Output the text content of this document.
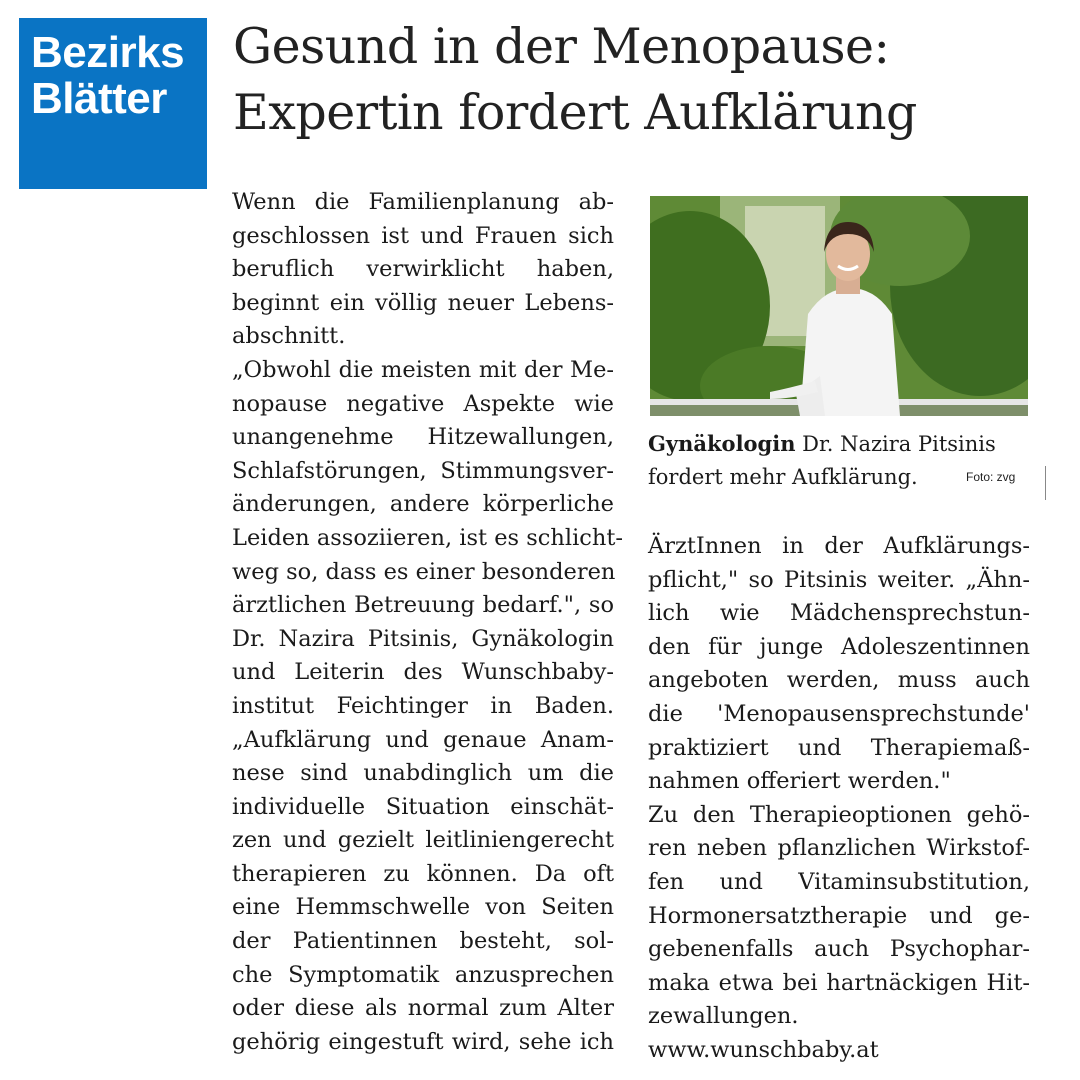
Bezirks
Blätter
Gesund in der Menopause:
Expertin fordert Aufklärung
Wenn die Familienplanung ab-
geschlossen ist und Frauen sich
beruflich verwirklicht haben,
beginnt ein völlig neuer Lebens-
abschnitt.
„Obwohl die meisten mit der Me-
nopause negative Aspekte wie
unangenehme Hitzewallungen,
Schlafstörungen, Stimmungsver-
änderungen, andere körperliche
Leiden assoziieren, ist es schlicht-
weg so, dass es einer besonderen
ärztlichen Betreuung bedarf.", so
Dr. Nazira Pitsinis, Gynäkologin
und Leiterin des Wunschbaby-
institut Feichtinger in Baden.
„Aufklärung und genaue Anam-
nese sind unabdinglich um die
individuelle Situation einschät-
zen und gezielt leitliniengerecht
therapieren zu können. Da oft
eine Hemmschwelle von Seiten
der Patientinnen besteht, sol-
che Symptomatik anzusprechen
oder diese als normal zum Alter
gehörig eingestuft wird, sehe ich
Gynäkologin Dr. Nazira Pitsinis
fordert mehr Aufklärung.	Foto: zvg
ÄrztInnen in der Aufklärungs-
pflicht," so Pitsinis weiter. „Ähn-
lich wie Mädchensprechstun-
den für junge Adoleszentinnen
angeboten werden, muss auch
die 'Menopausensprechstunde'
praktiziert und Therapiemaß-
nahmen offeriert werden."
Zu den Therapieoptionen gehö-
ren neben pflanzlichen Wirkstof-
fen und Vitaminsubstitution,
Hormonersatztherapie und ge-
gebenenfalls auch Psychophar-
maka etwa bei hartnäckigen Hit-
zewallungen.
www.wunschbaby.at
